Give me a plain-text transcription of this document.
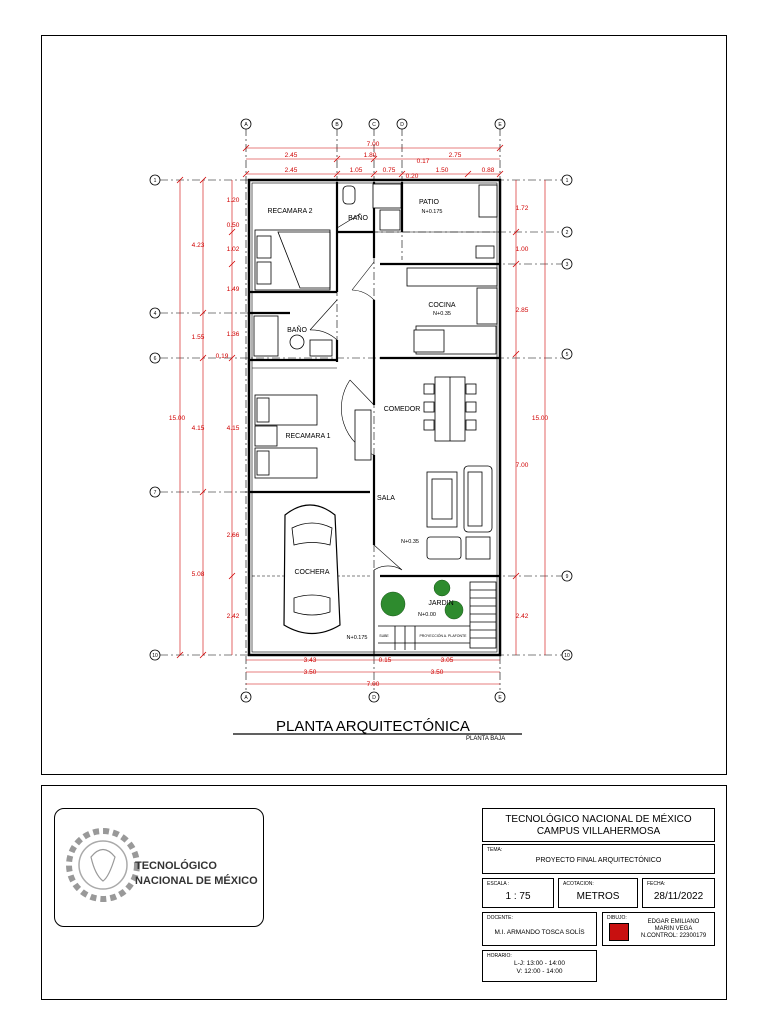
A	B	C	D	E
A	D	E
1
4
6
7
10
1
2
3
5
9
10
7.00
2.45	1.80	2.75
0.17
2.45	1.05	0.75	1.50	0.88
0.20
3.43	0.15	3.05
3.50	3.50
7.00
15.00
4.23
1.55
4.15
5.08
1.20
0.50
1.02
1.49
1.36
0.19
4.15
2.66
2.42
1.72
1.00
2.85
7.00
2.42
15.00
RECAMARA 2
BAÑO
PATIO
N+0.175
COCINA
N+0.35
BAÑO
COMEDOR
RECAMARA 1
SALA
N+0.35
COCHERA
N+0.175
JARDIN
N+0.00
SUBE	PROYECCIÓN A. PLAFONTE
PLANTA ARQUITECTÓNICA
PLANTA BAJA
TECNOLÓGICO
NACIONAL DE MÉXICO
TECNOLÓGICO NACIONAL DE MÉXICO
CAMPUS VILLAHERMOSA
TEMA:
PROYECTO FINAL ARQUITECTÓNICO
ESCALA :
1 : 75
ACOTACION:
METROS
FECHA:
28/11/2022
DOCENTE:
M.I. ARMANDO TOSCA SOLÍS
DIBUJO:
EDGAR EMILIANO
MARIN VEGA
N.CONTROL: 22300179
HORARIO:
L-J: 13:00 - 14:00
V: 12:00 - 14:00
